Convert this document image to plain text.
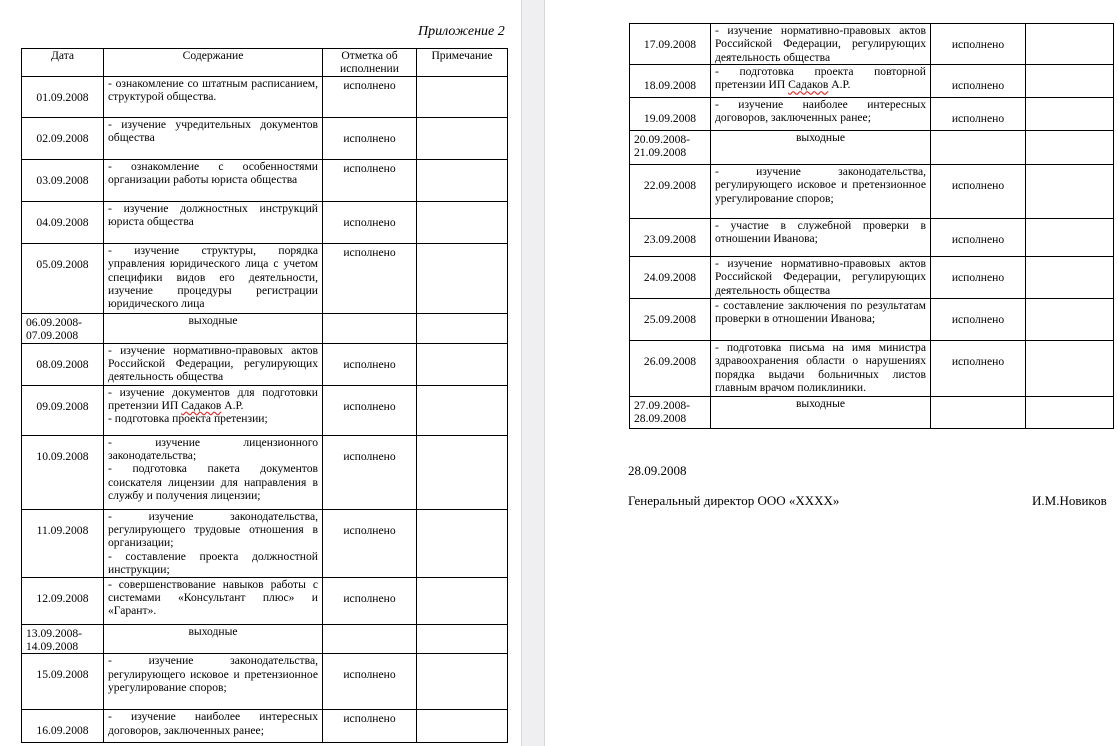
Приложение 2
Дата	Содержание	Отметка об исполнении	Примечание

01.09.2008	- ознакомление со штатным расписанием, структурой общества.	исполнено	

02.09.2008	- изучение учредительных документов общества	исполнено	

03.09.2008	- ознакомление с особенностями организации работы юриста общества	исполнено	

04.09.2008	- изучение должностных инструкций юриста общества	исполнено	

05.09.2008	- изучение структуры, порядка управления юридического лица с учетом специфики видов его деятельности, изучение процедуры регистрации юридического лица	исполнено	

06.09.2008-07.09.2008	выходные		

08.09.2008	- изучение нормативно-правовых актов Российской Федерации, регулирующих деятельность общества	исполнено	

09.09.2008	- изучение документов для подготовки претензии ИП Садаков А.Р.
- подготовка проекта претензии;	исполнено	

10.09.2008	- изучение лицензионного законодательства;
- подготовка пакета документов соискателя лицензии для направления в службу и получения лицензии;	исполнено	

11.09.2008	- изучение законодательства, регулирующего трудовые отношения в организации;
- составление проекта должностной инструкции;	исполнено	

12.09.2008	- совершенствование навыков работы с системами «Консультант плюс» и «Гарант».	исполнено	

13.09.2008-14.09.2008	выходные		

15.09.2008	- изучение законодательства, регулирующего исковое и претензионное урегулирование споров;	исполнено	

16.09.2008	- изучение наиболее интересных договоров, заключенных ранее;	исполнено	

17.09.2008	- изучение нормативно-правовых актов Российской Федерации, регулирующих деятельность общества	исполнено	

18.09.2008	- подготовка проекта повторной претензии ИП Садаков А.Р.	исполнено	

19.09.2008	- изучение наиболее интересных договоров, заключенных ранее;	исполнено	

20.09.2008-21.09.2008	выходные		

22.09.2008	- изучение законодательства, регулирующего исковое и претензионное урегулирование споров;	исполнено	

23.09.2008	- участие в служебной проверки в отношении Иванова;	исполнено	

24.09.2008	- изучение нормативно-правовых актов Российской Федерации, регулирующих деятельность общества	исполнено	

25.09.2008	- составление заключения по результатам проверки в отношении Иванова;	исполнено	

26.09.2008	- подготовка письма на имя министра здравоохранения области о нарушениях порядка выдачи больничных листов главным врачом поликлиники.	исполнено	

27.09.2008-28.09.2008	выходные		

28.09.2008
Генеральный директор ООО «XXXX»	И.М.Новиков
